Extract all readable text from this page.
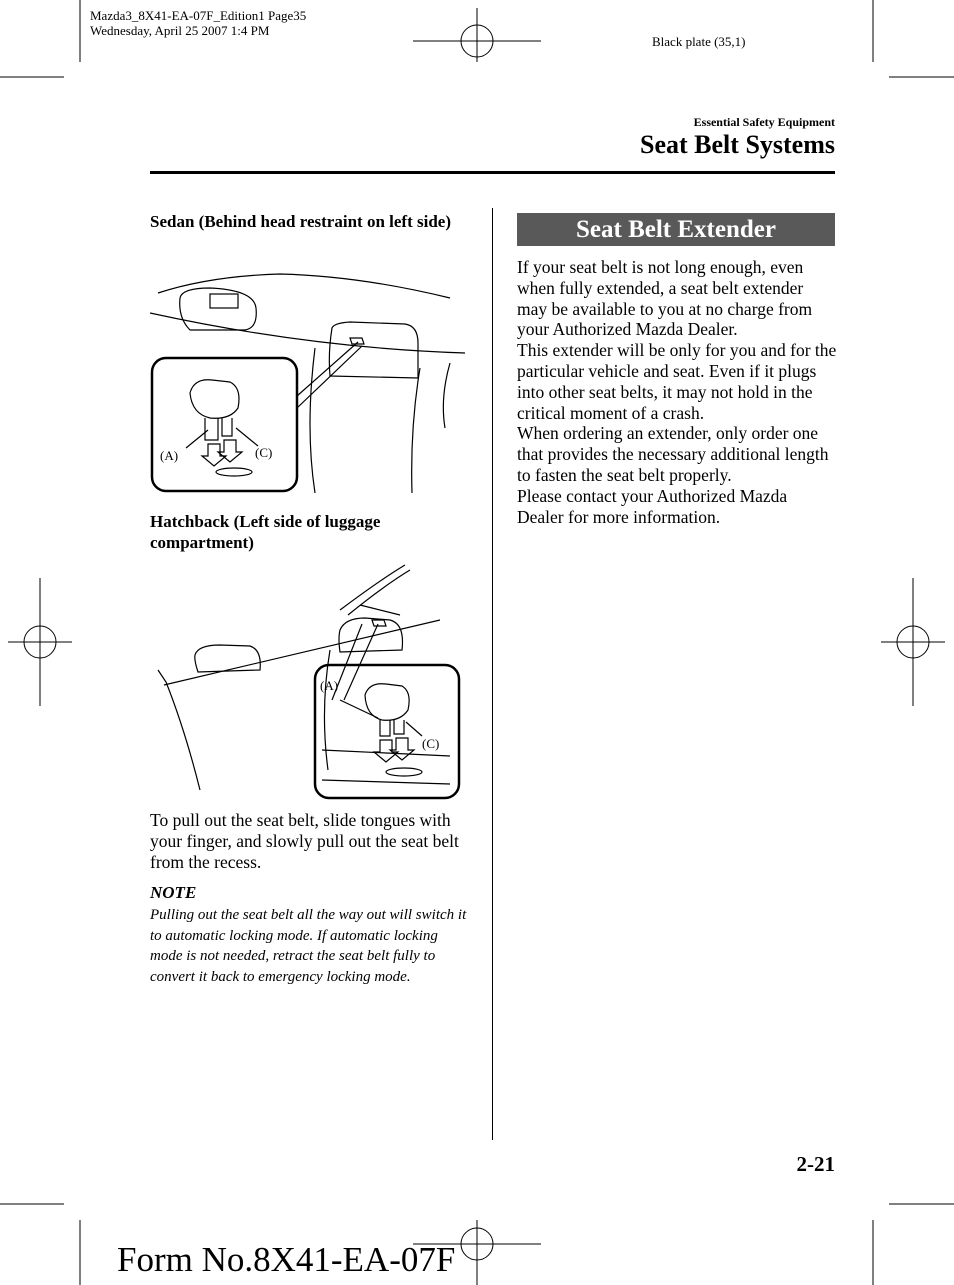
Mazda3_8X41-EA-07F_Edition1 Page35
Wednesday, April 25 2007 1:4 PM
Black plate (35,1)
Essential Safety Equipment
Seat Belt Systems
Sedan (Behind head restraint on left side)
(A)	(C)
Hatchback (Left side of luggage compartment)
(A)
(C)
To pull out the seat belt, slide tongues with your finger, and slowly pull out the seat belt from the recess.
NOTE
Pulling out the seat belt all the way out will switch it to automatic locking mode. If automatic locking mode is not needed, retract the seat belt fully to convert it back to emergency locking mode.
Seat Belt Extender
If your seat belt is not long enough, even when fully extended, a seat belt extender may be available to you at no charge from your Authorized Mazda Dealer.
This extender will be only for you and for the particular vehicle and seat. Even if it plugs into other seat belts, it may not hold in the critical moment of a crash.
When ordering an extender, only order one that provides the necessary additional length to fasten the seat belt properly.
Please contact your Authorized Mazda Dealer for more information.
2-21
Form No.8X41-EA-07F
